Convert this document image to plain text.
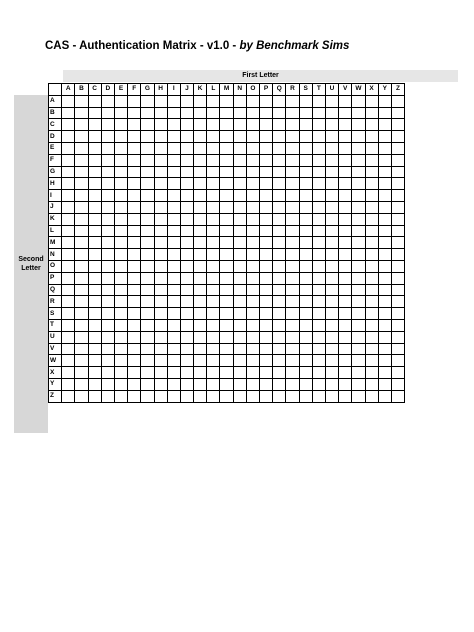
CAS - Authentication Matrix - v1.0 - by Benchmark Sims
First Letter
Second Letter
	A	B	C	D	E	F	G	H	I	J	K	L	M	N	O	P	Q	R	S	T	U	V	W	X	Y	Z
A																										
B																										
C																										
D																										
E																										
F																										
G																										
H																										
I																										
J																										
K																										
L																										
M																										
N																										
O																										
P																										
Q																										
R																										
S																										
T																										
U																										
V																										
W																										
X																										
Y																										
Z																										
